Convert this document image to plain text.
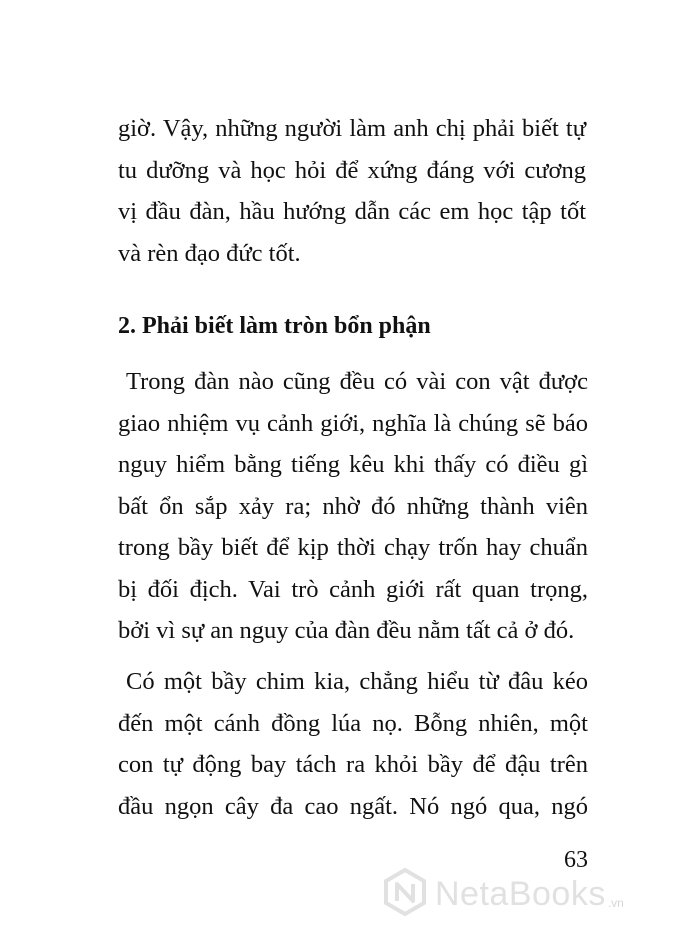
giờ. Vậy, những người làm anh chị phải biết tự
tu dưỡng và học hỏi để xứng đáng với cương
vị đầu đàn, hầu hướng dẫn các em học tập tốt
và rèn đạo đức tốt.

2. Phải biết làm tròn bổn phận

Trong đàn nào cũng đều có vài con vật được
giao nhiệm vụ cảnh giới, nghĩa là chúng sẽ báo
nguy hiểm bằng tiếng kêu khi thấy có điều gì
bất ổn sắp xảy ra; nhờ đó những thành viên
trong bầy biết để kịp thời chạy trốn hay chuẩn
bị đối địch. Vai trò cảnh giới rất quan trọng,
bởi vì sự an nguy của đàn đều nằm tất cả ở đó.

Có một bầy chim kia, chẳng hiểu từ đâu kéo
đến một cánh đồng lúa nọ. Bỗng nhiên, một
con tự động bay tách ra khỏi bầy để đậu trên
đầu ngọn cây đa cao ngất. Nó ngó qua, ngó

63

NetaBooks .vn
